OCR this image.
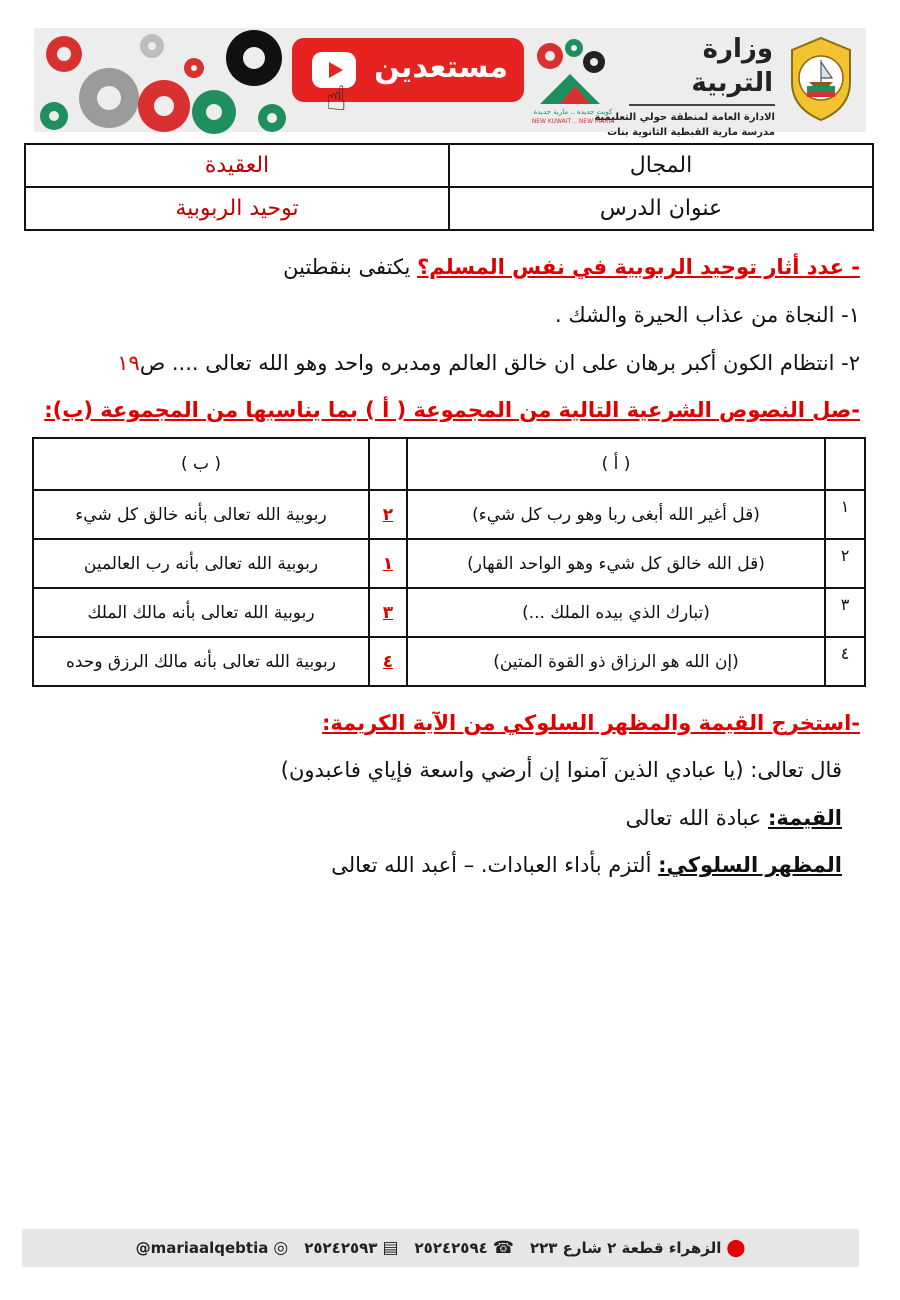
مستعدين
☝	كويت جديدة .. مارية جديدة
NEW KUWAIT .. NEW MARIA
وزارة التربية
الادارة العامة لمنطقة حولي التعليمية
مدرسة مارية القبطية الثانوية بنات
المجال	العقيدة
عنوان الدرس	توحيد الربوبية
- عدد أثار توحيد الربوبية في نفس المسلم؟ يكتفى بنقطتين
١- النجاة من عذاب الحيرة والشك .
٢- انتظام الكون أكبر برهان على ان خالق العالم ومدبره واحد وهو الله تعالى .... ص١٩
-صل النصوص الشرعية التالية من المجموعة ( أ ) بما يناسبها من المجموعة (ب):
	( أ )		( ب )
١	(قل أغير الله أبغى ربا وهو رب كل شيء)	٢	ربوبية الله تعالى بأنه خالق كل شيء
٢	(قل الله خالق كل شيء وهو الواحد القهار)	١	ربوبية الله تعالى بأنه رب العالمين
٣	(تبارك الذي بيده الملك ...)	٣	ربوبية الله تعالى بأنه مالك الملك
٤	(إن الله هو الرزاق ذو القوة المتين)	٤	ربوبية الله تعالى بأنه مالك الرزق وحده
-استخرج القيمة والمظهر السلوكي من الآية الكريمة:
قال تعالى: (يا عبادي الذين آمنوا إن أرضي واسعة فإياي فاعبدون)
القيمة: عبادة الله تعالى
المظهر السلوكي: ألتزم بأداء العبادات. – أعبد الله تعالى
⬤
الزهراء قطعة ٢ شارع ٢٢٣
☎
٢٥٢٤٢٥٩٤
▤
٢٥٢٤٢٥٩٣
◎
@mariaalqebtia
